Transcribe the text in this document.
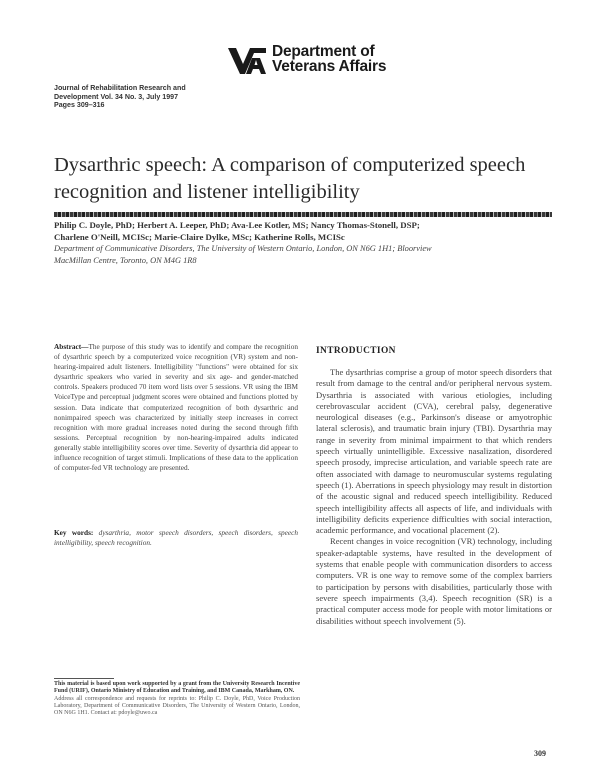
Department of
Veterans Affairs
Journal of Rehabilitation Research and
Development Vol. 34 No. 3, July 1997
Pages 309–316
Dysarthric speech: A comparison of computerized speech
recognition and listener intelligibility
Philip C. Doyle, PhD; Herbert A. Leeper, PhD; Ava-Lee Kotler, MS; Nancy Thomas-Stonell, DSP;
Charlene O'Neill, MCISc; Marie-Claire Dylke, MSc; Katherine Rolls, MCISc
Department of Communicative Disorders, The University of Western Ontario, London, ON N6G 1H1; Bloorview
MacMillan Centre, Toronto, ON M4G 1R8
Abstract—The purpose of this study was to identify and compare the recognition of dysarthric speech by a computerized voice recognition (VR) system and non-hearing-impaired adult listeners. Intelligibility "functions" were obtained for six dysarthric speakers who varied in severity and six age- and gender-matched controls. Speakers produced 70 item word lists over 5 sessions. VR using the IBM VoiceType and perceptual judgment scores were obtained and functions plotted by session. Data indicate that computerized recognition of both dysarthric and nonimpaired speech was characterized by initially steep increases in correct recognition with more gradual increases noted during the second through fifth sessions. Perceptual recognition by non-hearing-impaired adults indicated generally stable intelligibility scores over time. Severity of dysarthria did appear to influence recognition of target stimuli. Implications of these data to the application of computer-fed VR technology are presented.
Key words: dysarthria, motor speech disorders, speech disorders, speech intelligibility, speech recognition.
This material is based upon work supported by a grant from the University Research Incentive Fund (URIF), Ontario Ministry of Education and Training, and IBM Canada, Markham, ON.
Address all correspondence and requests for reprints to: Philip C. Doyle, PhD, Voice Production Laboratory, Department of Communicative Disorders, The University of Western Ontario, London, ON N6G 1H1. Contact at: pdoyle@uwo.ca
INTRODUCTION

The dysarthrias comprise a group of motor speech disorders that result from damage to the central and/or peripheral nervous system. Dysarthria is associated with various etiologies, including cerebrovascular accident (CVA), cerebral palsy, degenerative neurological diseases (e.g., Parkinson's disease or amyotrophic lateral sclerosis), and traumatic brain injury (TBI). Dysarthria may range in severity from minimal impairment to that which renders speech virtually unintelligible. Excessive nasalization, disordered speech prosody, imprecise articulation, and variable speech rate are often associated with damage to neuromuscular systems regulating speech (1). Aberrations in speech physiology may result in distortion of the acoustic signal and reduced speech intelligibility. Reduced speech intelligibility affects all aspects of life, and individuals with intelligibility deficits experience difficulties with social interaction, academic performance, and vocational placement (2).

Recent changes in voice recognition (VR) technology, including speaker-adaptable systems, have resulted in the development of systems that enable people with communication disorders to access computers. VR is one way to remove some of the complex barriers to participation by persons with disabilities, particularly those with severe speech impairments (3,4). Speech recognition (SR) is a practical computer access mode for people with motor limitations or disabilities without speech involvement (5).

309
